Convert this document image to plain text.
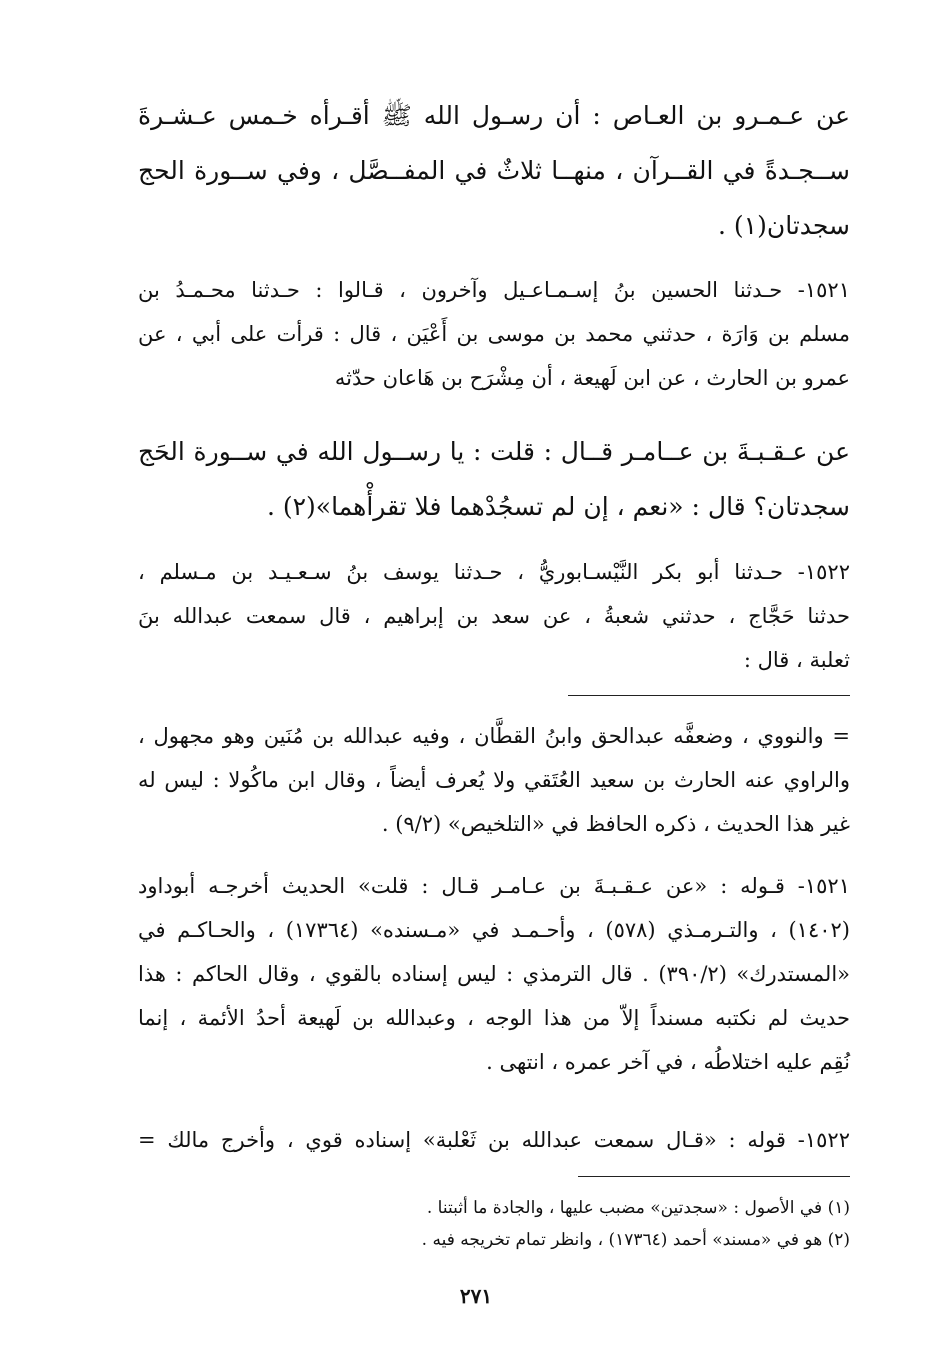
عن عـمـرو بن العـاص : أن رسـول الله ﷺ أقـرأه خـمس عـشـرةَ
ســجـدةً في القــرآن ، منهــا ثلاثٌ في المفــصَّل ، وفي ســورة الحج
سجدتان(١) .
١٥٢١- حـدثنا الحسين بنُ إسـمـاعـيل وآخرون ، قـالوا : حـدثنا محـمـدُ بن
مسلم بن وَارَة ، حدثني محمد بن موسى بن أَعْيَن ، قال : قرأت على أبي ، عن
عمرو بن الحارث ، عن ابن لَهيعة ، أن مِشْرَح بن هَاعان حدّثه
عن عـقـبـةَ بن عــامـر قــال : قلت : يا رســول الله في ســورة الحَج
سجدتان؟ قال : «نعم ، إن لم تسجُدْهما فلا تقرأْهما»(٢) .
١٥٢٢- حـدثنا أبو بكر النَّيْسـابوريُّ ، حـدثنا يوسف بنُ سـعـيـد بن مـسلم ،
حدثنا حَجَّاج ، حدثني شعبةُ ، عن سعد بن إبراهيم ، قال سمعت عبدالله بنَ
ثعلبة ، قال :
= والنووي ، وضعفَّه عبدالحق وابنُ القطَّان ، وفيه عبدالله بن مُنَين وهو مجهول ،
والراوي عنه الحارث بن سعيد العُتَقي ولا يُعرف أيضاً ، وقال ابن ماكُولا : ليس له
غير هذا الحديث ، ذكره الحافظ في «التلخيص» (٩/٢) .
١٥٢١- قـوله : «عن عـقـبـةَ بن عـامـر قـال : قلت» الحديث أخرجـه أبوداود
(١٤٠٢) ، والتـرمـذي (٥٧٨) ، وأحـمـد في «مـسنده» (١٧٣٦٤) ، والحـاكـم في
«المستدرك» (٣٩٠/٢) . قال الترمذي : ليس إسناده بالقوي ، وقال الحاكم : هذا
حديث لم نكتبه مسنداً إلاّ من هذا الوجه ، وعبدالله بن لَهيعة أحدُ الأئمة ، إنما
نُقِم عليه اختلاطُه ، في آخر عمره ، انتهى .
١٥٢٢- قوله : «قـال سمعت عبدالله بن ثَعْلبة» إسناده قوي ، وأخرج مالك =
(١) في الأصول : «سجدتين» مضبب عليها ، والجادة ما أثبتنا .
(٢) هو في «مسند» أحمد (١٧٣٦٤) ، وانظر تمام تخريجه فيه .
٢٧١
